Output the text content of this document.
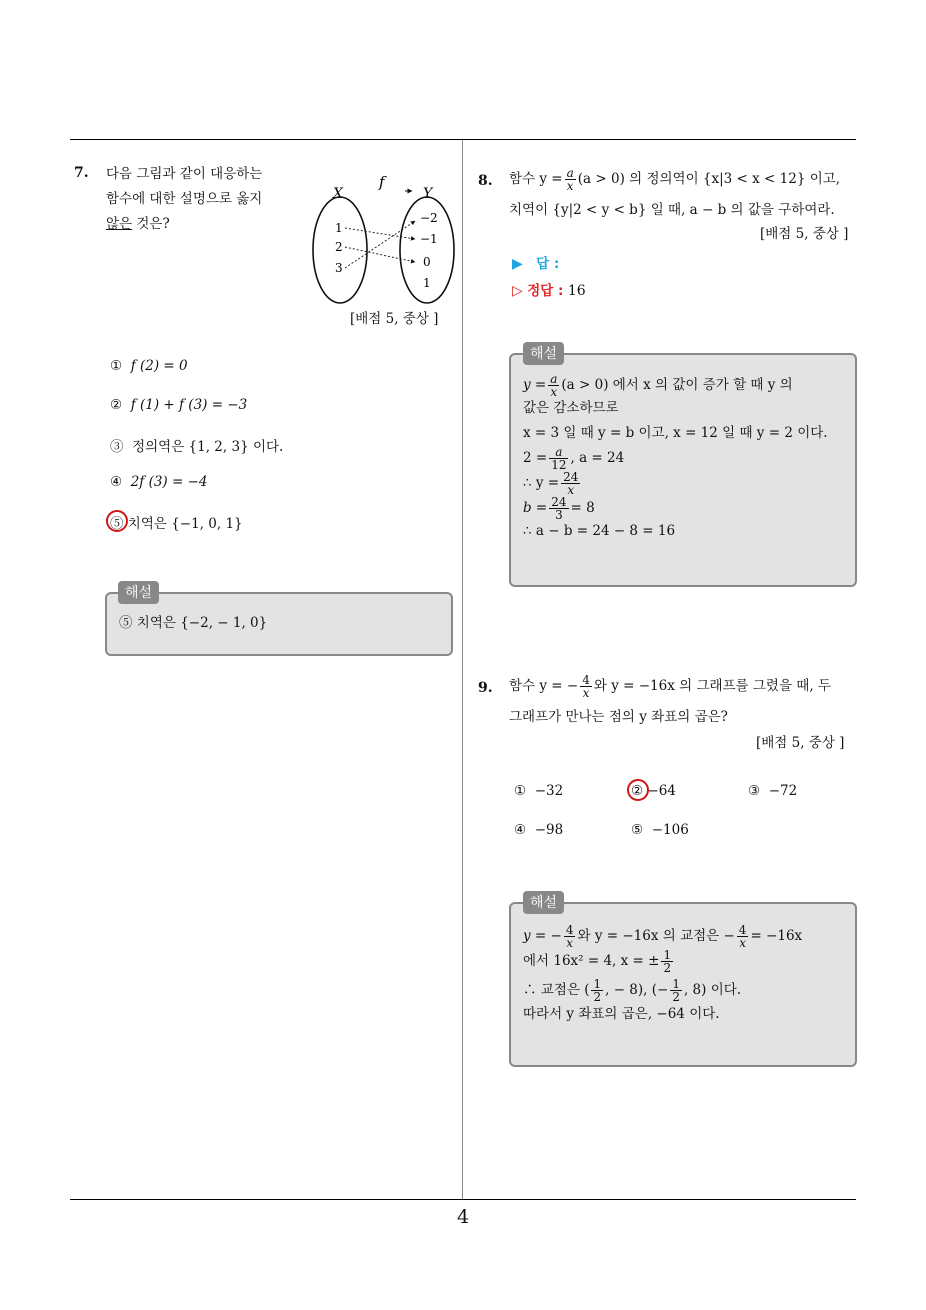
4
7. 다음 그림과 같이 대응하는
함수에 대한 설명으로 옳지
않은 것은?
f
X	Y
1
2
3
−2
−1
0
1
[배점 5, 중상 ]
① f (2) = 0
② f (1) + f (3) = −3
③ 정의역은 {1, 2, 3} 이다.
④ 2f (3) = −4
⑤ 치역은 {−1, 0, 1}
⑤ 치역은 {−2, − 1, 0}
해설
8. 함수 $y = \frac{a}{x} (a > 0)$ 의 정의역이 {x|3 < x < 12} 이고,
치역이 {y|2 < y < b} 일 때, a − b 의 값을 구하여라.
[배점 5, 중상 ]
▶ 답 :
▷ 정답 : 16
$y = \frac{a}{x} (a > 0)$ 에서 x 의 값이 증가 할 때 y 의
값은 감소하므로
x = 3 일 때 y = b 이고, x = 12 일 때 y = 2 이다.
$2 = \frac{a}{12}$ , a = 24
∴ $y = \frac{24}{x}$
$b = \frac{24}{3} = 8$
∴ a − b = 24 − 8 = 16
해설
9. 함수 y = − $\frac{4}{x}$ 와 y = −16x 의 그래프를 그렸을 때, 두
그래프가 만나는 점의 y 좌표의 곱은?
[배점 5, 중상 ]
① −32	② −64	③ −72
④ −98	⑤ −106
y = − $\frac{4}{x}$ 와 y = −16x 의 교점은 − $\frac{4}{x} = -16x$
에서 16x² = 4, x = ± $\frac{1}{2}$
∴ 교점은 ( $\frac{1}{2}$ , − 8), (− $\frac{1}{2}$ , 8) 이다.
따라서 y 좌표의 곱은, −64 이다.
해설
